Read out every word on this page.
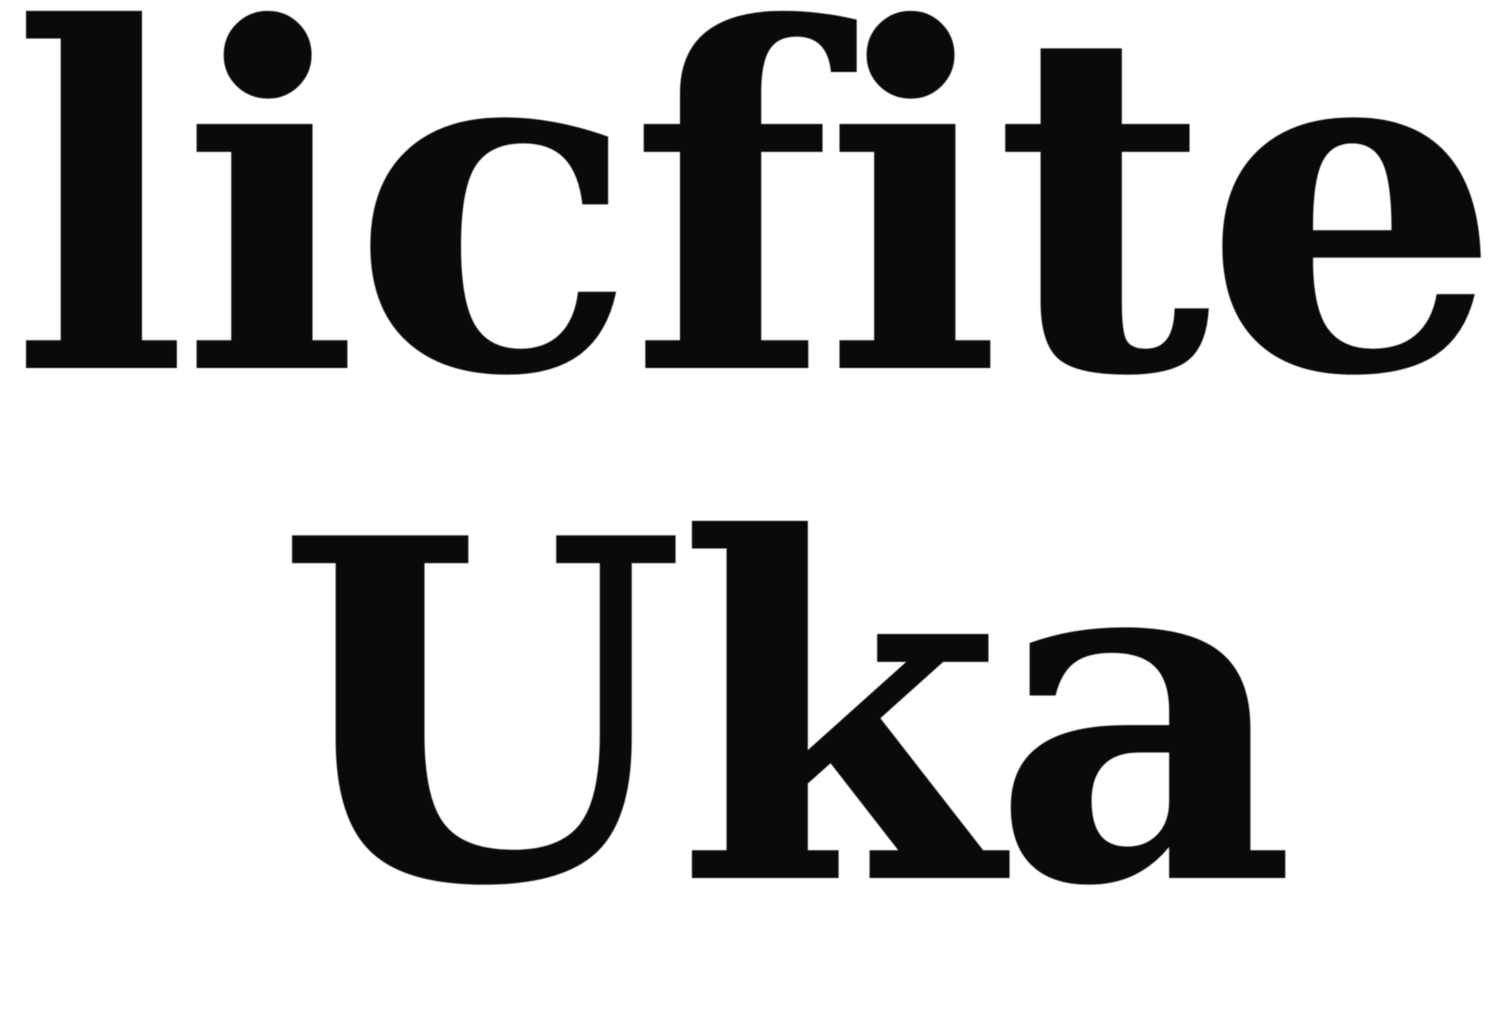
licfite
Uka
